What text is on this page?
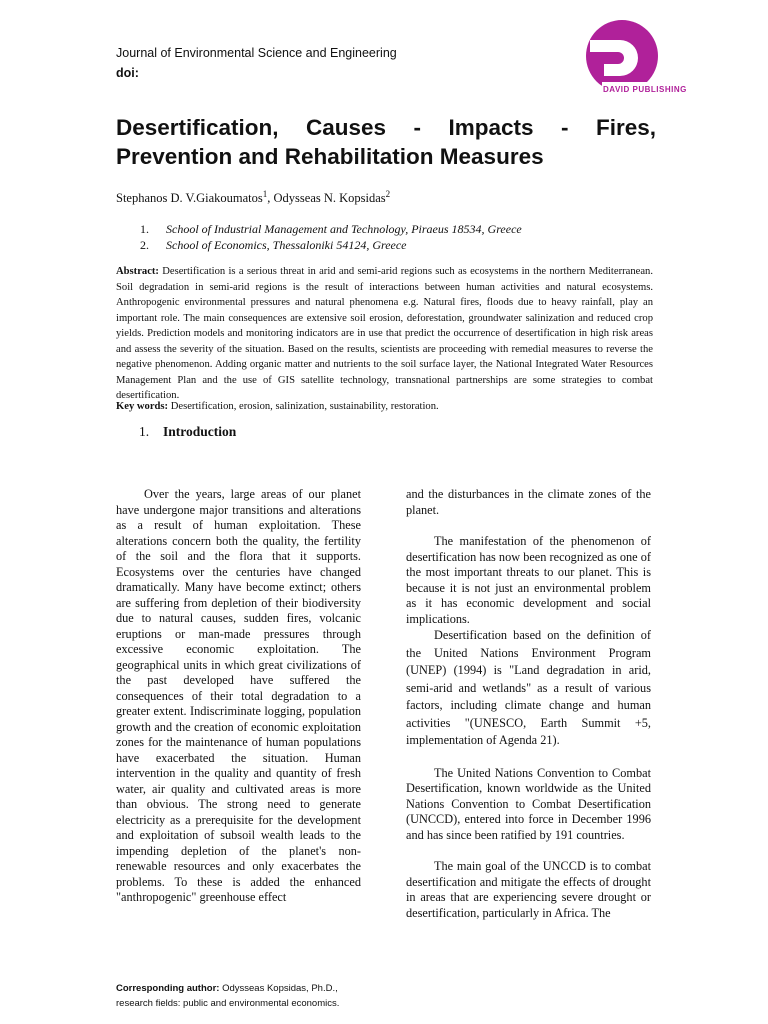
Journal of Environmental Science and Engineering
doi:
DAVID PUBLISHING
Desertification, Causes - Impacts - Fires, Prevention and Rehabilitation Measures
Stephanos D. V.Giakoumatos$^1$, Odysseas N. Kopsidas$^2$
1. School of Industrial Management and Technology, Piraeus 18534, Greece
2. School of Economics, Thessaloniki 54124, Greece
Abstract: Desertification is a serious threat in arid and semi-arid regions such as ecosystems in the northern Mediterranean. Soil degradation in semi-arid regions is the result of interactions between human activities and natural ecosystems. Anthropogenic environmental pressures and natural phenomena e.g. Natural fires, floods due to heavy rainfall, play an important role. The main consequences are extensive soil erosion, deforestation, groundwater salinization and reduced crop yields. Prediction models and monitoring indicators are in use that predict the occurrence of desertification in high risk areas and assess the severity of the situation. Based on the results, scientists are proceeding with remedial measures to reverse the negative phenomenon. Adding organic matter and nutrients to the soil surface layer, the National Integrated Water Resources Management Plan and the use of GIS satellite technology, transnational partnerships are some strategies to combat desertification.
Key words: Desertification, erosion, salinization, sustainability, restoration.
1. Introduction

Over the years, large areas of our planet have undergone major transitions and alterations as a result of human exploitation. These alterations concern both the quality, the fertility of the soil and the flora that it supports. Ecosystems over the centuries have changed dramatically. Many have become extinct; others are suffering from depletion of their biodiversity due to natural causes, sudden fires, volcanic eruptions or man-made pressures through excessive economic exploitation. The geographical units in which great civilizations of the past developed have suffered the consequences of their total degradation to a greater extent. Indiscriminate logging, population growth and the creation of economic exploitation zones for the maintenance of human populations have exacerbated the situation. Human intervention in the quality and quantity of fresh water, air quality and cultivated areas is more than obvious. The strong need to generate electricity as a prerequisite for the development and exploitation of subsoil wealth leads to the impending depletion of the planet's non-renewable resources and only exacerbates the problems. To these is added the enhanced "anthropogenic" greenhouse effect

and the disturbances in the climate zones of the planet.

The manifestation of the phenomenon of desertification has now been recognized as one of the most important threats to our planet. This is because it is not just an environmental problem as it has economic development and social implications.

Desertification based on the definition of the United Nations Environment Program (UNEP) (1994) is "Land degradation in arid, semi-arid and wetlands" as a result of various factors, including climate change and human activities "(UNESCO, Earth Summit +5, implementation of Agenda 21).

The United Nations Convention to Combat Desertification, known worldwide as the United Nations Convention to Combat Desertification (UNCCD), entered into force in December 1996 and has since been ratified by 191 countries.

The main goal of the UNCCD is to combat desertification and mitigate the effects of drought in areas that are experiencing severe drought or desertification, particularly in Africa. The

Corresponding author: Odysseas Kopsidas, Ph.D.,
research fields: public and environmental economics.
